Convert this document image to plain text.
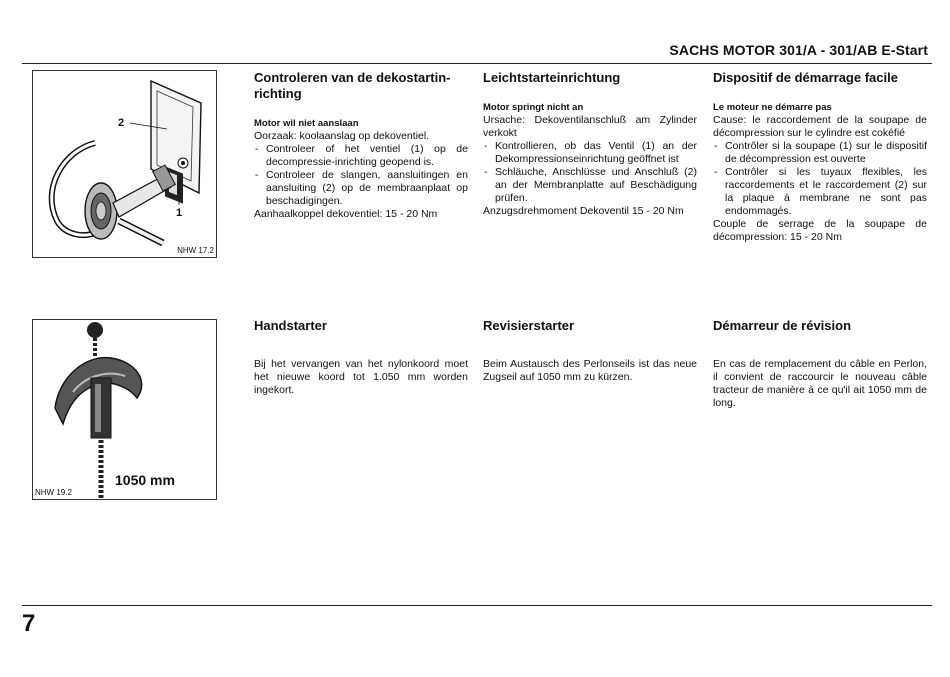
SACHS MOTOR 301/A - 301/AB E-Start
2
1
NHW 17.2
1050 mm
NHW 19.2
Controleren van de dekostartin-richting
Motor wil niet aanslaan

Oorzaak: koolaanslag op dekoventiel.

- Controleer of het ventiel (1) op de decompressie-inrichting geopend is.
- Controleer de slangen, aansluitingen en aansluiting (2) op de membraanplaat op beschadigingen.

Aanhaalkoppel dekoventiel: 15 - 20 Nm

Leichtstarteinrichtung
Motor springt nicht an

Ursache: Dekoventilanschluß am Zylinder verkokt

- Kontrollieren, ob das Ventil (1) an der Dekompressionseinrichtung geöffnet ist
- Schläuche, Anschlüsse und Anschluß (2) an der Membranplatte auf Beschädigung prüfen.

Anzugsdrehmoment Dekoventil 15 - 20 Nm

Dispositif de démarrage facile
Le moteur ne démarre pas

Cause: le raccordement de la soupape de décompression sur le cylindre est cokéfié

- Contrôler si la soupape (1) sur le dispositif de décompression est ouverte
- Contrôler si les tuyaux flexibles, les raccordements et le raccordement (2) sur la plaque à membrane ne sont pas endommagés.

Couple de serrage de la soupape de décompression: 15 - 20 Nm

Handstarter

Bij het vervangen van het nylonkoord moet het nieuwe koord tot 1.050 mm worden ingekort.

Revisierstarter

Beim Austausch des Perlonseils ist das neue Zugseil auf 1050 mm zu kürzen.

Démarreur de révision

En cas de remplacement du câble en Perlon, il convient de raccourcir le nouveau câble tracteur de manière à ce qu'il ait 1050 mm de long.

7
